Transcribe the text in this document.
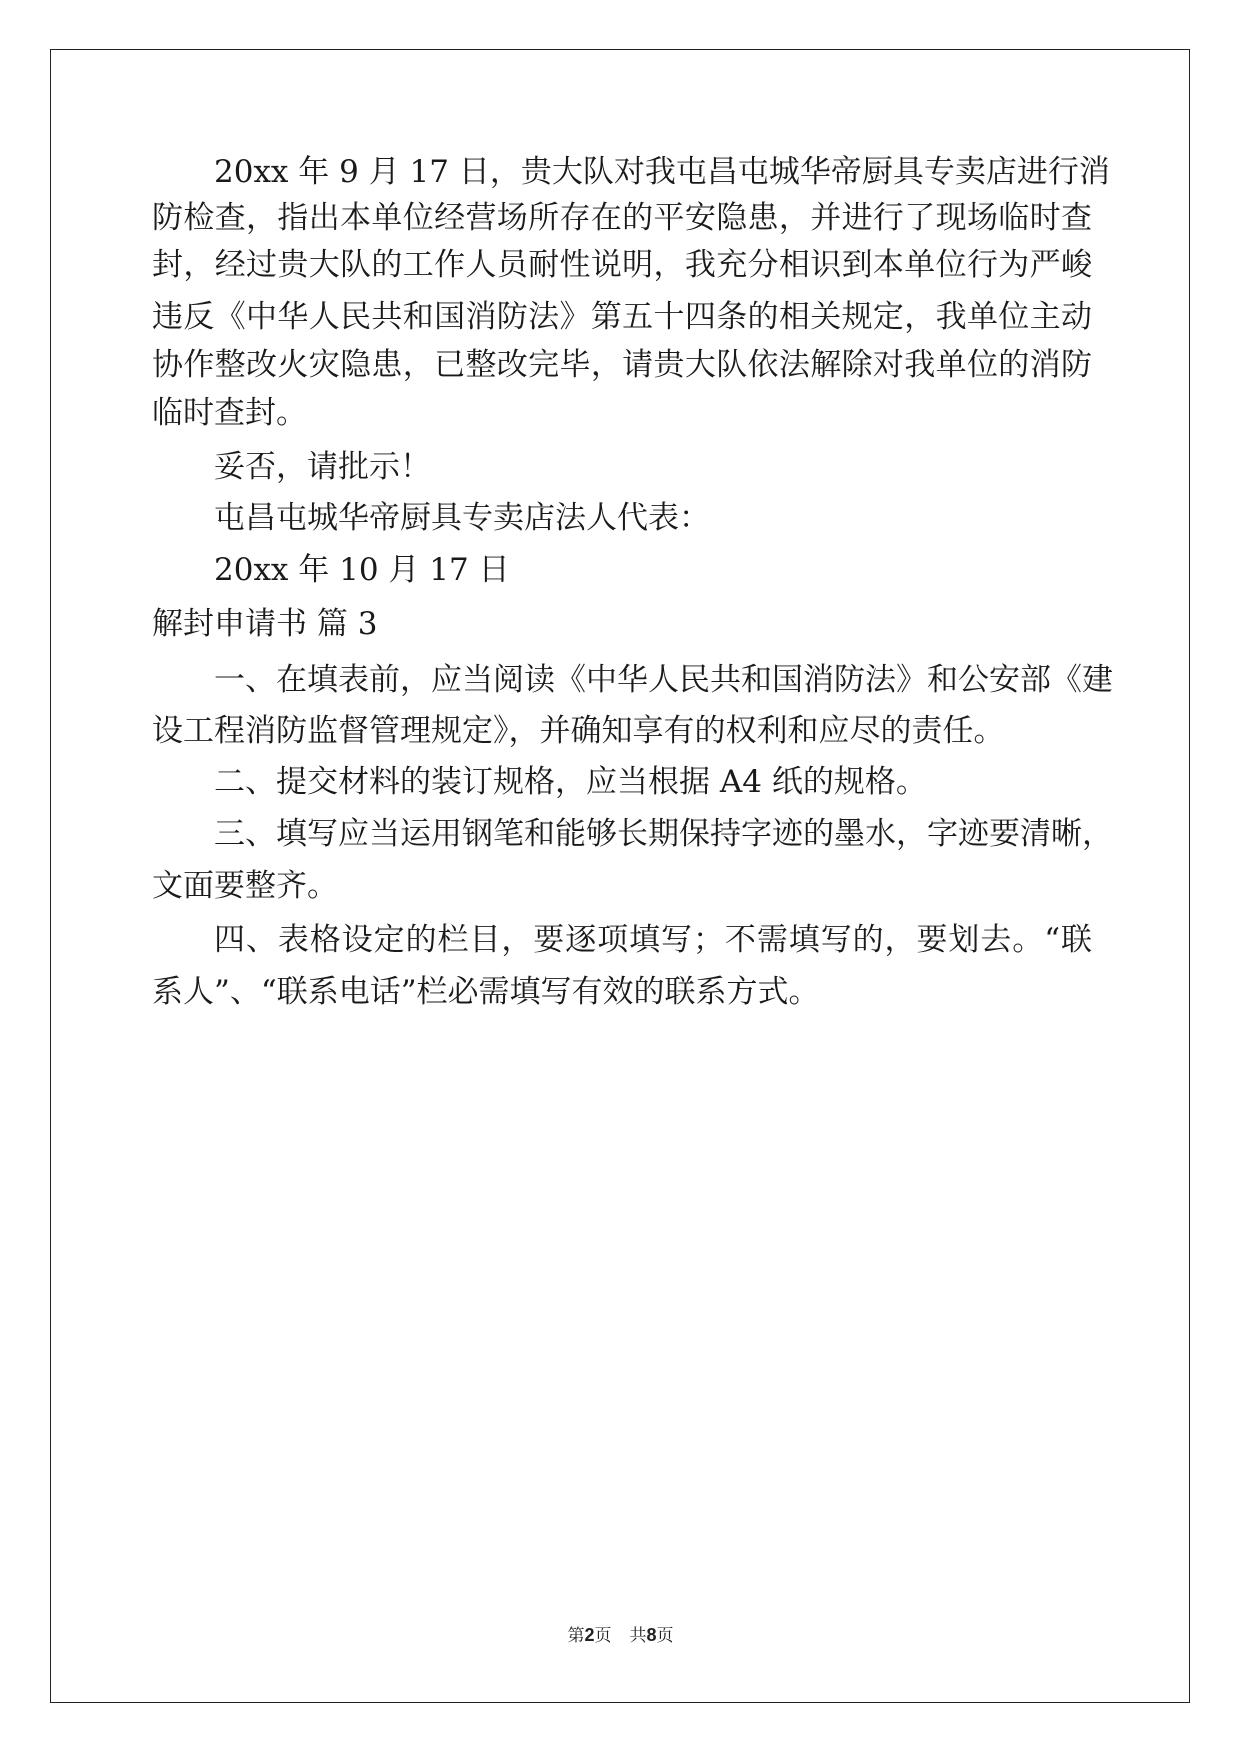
20xx 年 9 月 17 日，贵大队对我屯昌屯城华帝厨具专卖店进行消

防检查，指出本单位经营场所存在的平安隐患，并进行了现场临时查

封，经过贵大队的工作人员耐性说明，我充分相识到本单位行为严峻

违反《中华人民共和国消防法》第五十四条的相关规定，我单位主动

协作整改火灾隐患，已整改完毕，请贵大队依法解除对我单位的消防

临时查封。

妥否，请批示！

屯昌屯城华帝厨具专卖店法人代表：

20xx 年 10 月 17 日

解封申请书 篇 3

一、在填表前，应当阅读《中华人民共和国消防法》和公安部《建

设工程消防监督管理规定》，并确知享有的权利和应尽的责任。

二、提交材料的装订规格，应当根据 A4 纸的规格。

三、填写应当运用钢笔和能够长期保持字迹的墨水，字迹要清晰，

文面要整齐。

四、表格设定的栏目，要逐项填写；不需填写的，要划去。“联

系人”、“联系电话”栏必需填写有效的联系方式。

第2页 共8页
